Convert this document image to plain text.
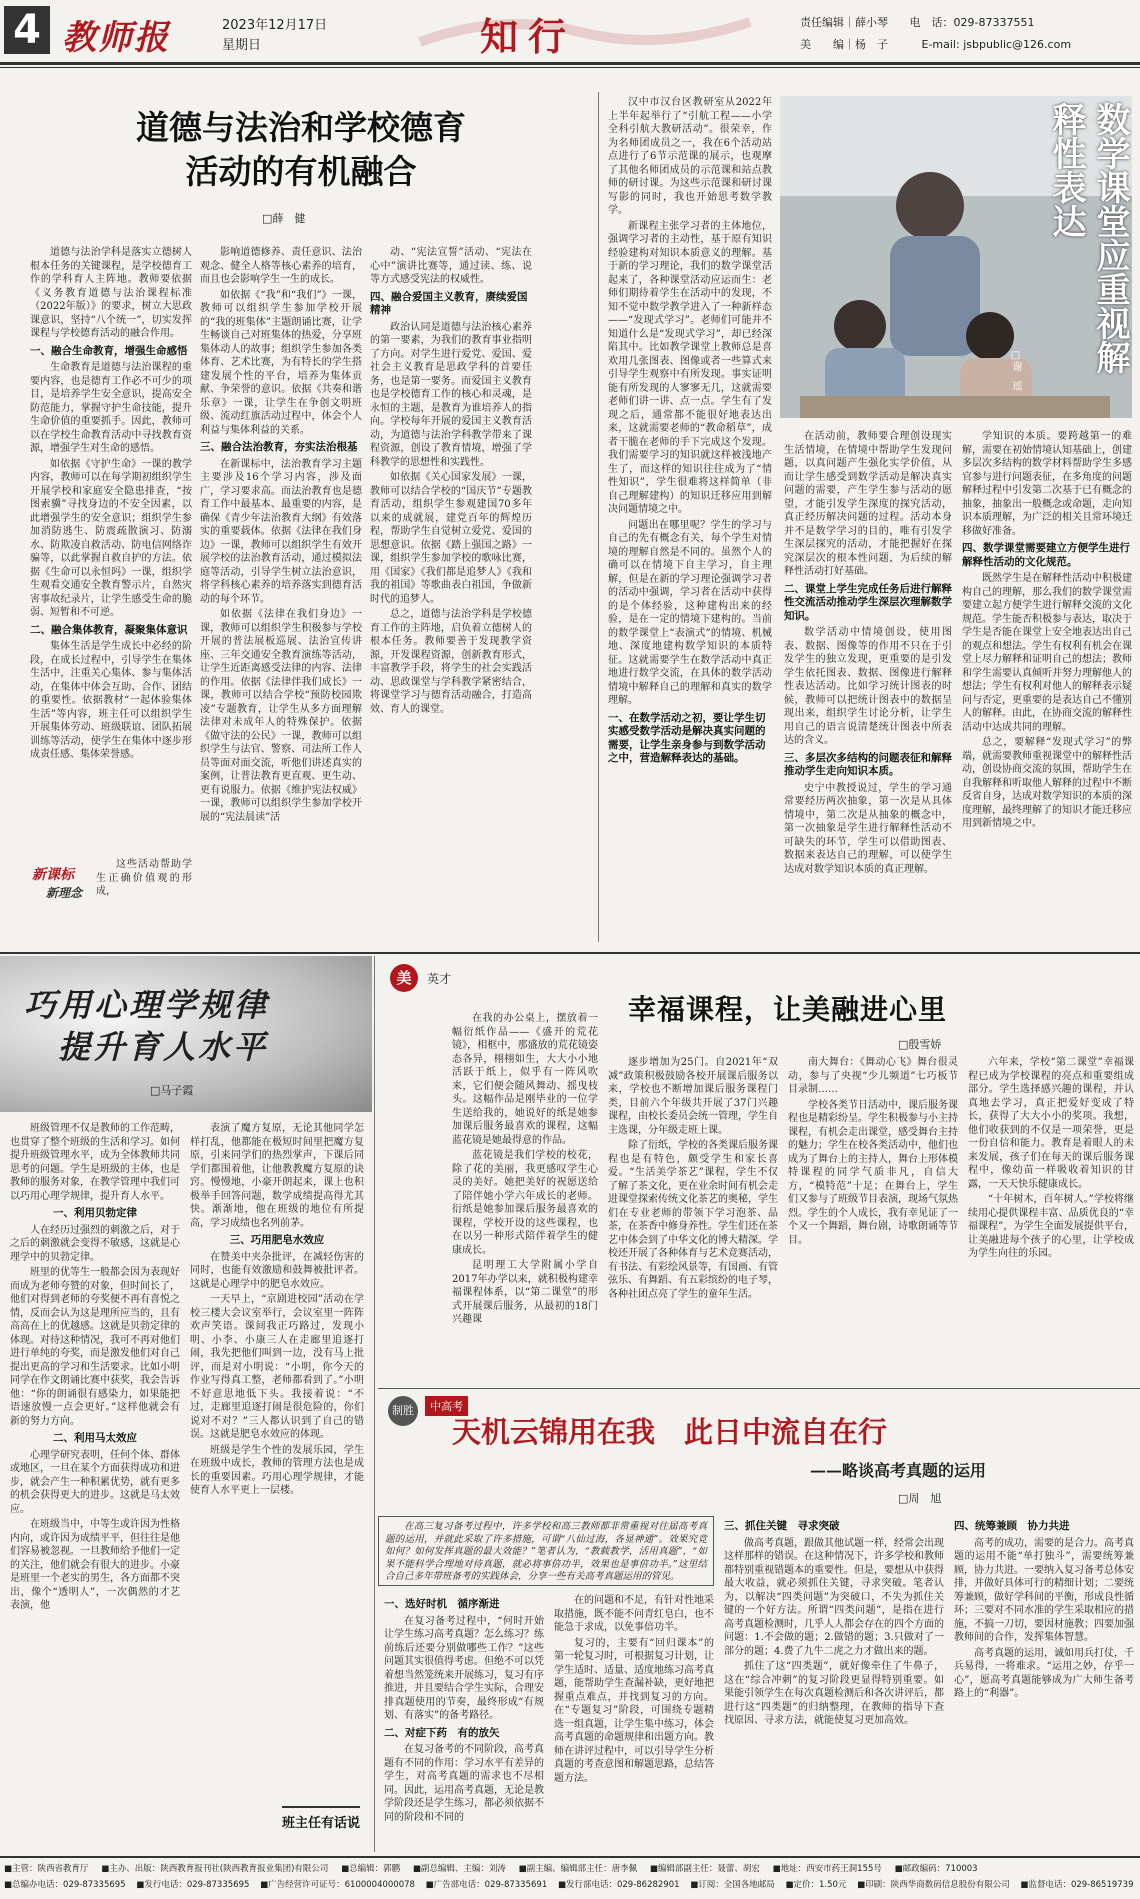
4 教师报	2023年12月17日
星期日	知行	责任编辑｜薛小琴 电　话：029-87337551
美　　编｜杨　子	E-mail: jsbpublic@126.com
道德与法治和学校德育
活动的有机融合
□薛　健

道德与法治学科是落实立德树人根本任务的关键课程，是学校德育工作的学科育人主阵地。教师要依据《义务教育道德与法治课程标准（2022年版）》的要求，树立大思政课意识，坚持“八个统一”，切实发挥课程与学校德育活动的融合作用。

一、融合生命教育，增强生命感悟

生命教育是道德与法治课程的重要内容，也是德育工作必不可少的项目，是培养学生安全意识，提高安全防范能力，掌握守护生命技能，提升生命价值的重要抓手。因此，教师可以在学校生命教育活动中寻找教育资源，增强学生对生命的感悟。

如依据《守护生命》一课的教学内容，教师可以在每学期初组织学生开展学校和家庭安全隐患排查，“按图索骥”寻找身边的不安全因素，以此增强学生的安全意识；组织学生参加消防逃生、防震疏散演习、防溺水、防欺凌自救活动、防电信网络诈骗等，以此掌握自救自护的方法。依据《生命可以永恒吗》一课，组织学生观看交通安全教育警示片，自然灾害事故纪录片，让学生感受生命的脆弱、短暂和不可逆。

二、融合集体教育，凝聚集体意识

集体生活是学生成长中必经的阶段，在成长过程中，引导学生在集体生活中，注重关心集体、参与集体活动，在集体中体会互助、合作、团结的重要性。依据教材“一起体验集体生活”等内容，班主任可以组织学生开展集体劳动、班级联谊、团队拓展训练等活动，使学生在集体中逐步形成责任感、集体荣誉感。

这些活动帮助学生正确价值观的形成，

新课标
新理念

影响道德修养、责任意识、法治观念、健全人格等核心素养的培育，而且也会影响学生一生的成长。

如依据《“我”和“我们”》一课，教师可以组织学生参加学校开展的“我的班集体”主题朗诵比赛，让学生畅谈自己对班集体的热爱，分享班集体动人的故事；组织学生参加各类体育、艺术比赛，为有特长的学生搭建发展个性的平台，培养为集体贡献、争荣誉的意识。依据《共奏和谐乐章》一课，让学生在争创文明班级、流动红旗活动过程中，体会个人利益与集体利益的关系。

三、融合法治教育，夯实法治根基

在新课标中，法治教育学习主题主要涉及16个学习内容，涉及面广，学习要求高。而法治教育也是德育工作中最基本、最重要的内容，是确保《青少年法治教育大纲》有效落实的重要载体。依据《法律在我们身边》一课，教师可以组织学生有效开展学校的法治教育活动，通过模拟法庭等活动，引导学生树立法治意识，将学科核心素养的培养落实到德育活动的每个环节。

如依据《法律在我们身边》一课，教师可以组织学生积极参与学校开展的普法展板巡展、法治宣传讲座、三年交通安全教育演练等活动，让学生近距离感受法律的内容、法律的作用。依据《法律伴我们成长》一课，教师可以结合学校“预防校园欺凌”专题教育，让学生从多方面理解法律对未成年人的特殊保护。依据《做守法的公民》一课，教师可以组织学生与法官、警察、司法所工作人员等面对面交流，听他们讲述真实的案例，让普法教育更直观、更生动、更有说服力。依据《维护宪法权威》一课，教师可以组织学生参加学校开展的“宪法晨读”活

动、“宪法宣誓”活动、“宪法在心中”演讲比赛等，通过读、练、说等方式感受宪法的权威性。

四、融合爱国主义教育，赓续爱国精神

政治认同是道德与法治核心素养的第一要素，为我们的教育事业指明了方向。对学生进行爱党、爱国、爱社会主义教育是思政学科的首要任务，也是第一要务。而爱国主义教育也是学校德育工作的核心和灵魂，是永恒的主题，是教育为谁培养人的指向。学校每年开展的爱国主义教育活动，为道德与法治学科教学带来了课程资源，创设了教育情境，增强了学科教学的思想性和实践性。

如依据《关心国家发展》一课，教师可以结合学校的“国庆节”专题教育活动，组织学生参观建国70多年以来的成就展，建党百年的辉煌历程，帮助学生自觉树立爱党、爱国的思想意识。依据《踏上强国之路》一课，组织学生参加学校的歌咏比赛，用《国家》《我们都是追梦人》《我和我的祖国》等歌曲表白祖国，争做新时代的追梦人。

总之，道德与法治学科是学校德育工作的主阵地，启负着立德树人的根本任务。教师要善于发现教学资源，开发课程资源，创新教育形式，丰富教学手段，将学生的社会实践活动、思政课堂与学科教学紧密结合，将课堂学习与德育活动融合，打造高效、育人的课堂。

汉中市汉台区教研室从2022年上半年起举行了“引航工程——小学全科引航大教研活动”。很荣幸，作为名师团成员之一，我在6个活动站点进行了6节示范课的展示，也观摩了其他名师团成员的示范课和站点教师的研讨课。为这些示范课和研讨课写影的同时，我也开始思考数学教学。

新课程主张学习者的主体地位，强调学习者的主动性，基于原有知识经验建构对知识本质意义的理解。基于新的学习理论，我们的数学课堂活起来了，各种课堂活动应运而生：老师们期待着学生在活动中的发现，不知不觉中数学教学进入了一种新样态——“发现式学习”。老师们可能并不知道什么是“发现式学习”，却已经深陷其中。比如教学课堂上教师总是喜欢用几张图表、图像或者一些算式来引导学生观察中有所发现。事实证明能有所发现的人寥寥无几，这就需要老师们讲一讲、点一点。学生有了发现之后，通常都不能很好地表达出来，这就需要老师的“教命稻草”，成者干脆在老师的手下完成这个发现。我们需要学习的知识就这样被浅地产生了，而这样的知识往往成为了“情性知识”，学生很难将这样简单（非自己理解建构）的知识迁移应用到解决问题情境之中。

问题出在哪里呢？学生的学习与自己的先有概念有关，每个学生对情境的理解自然是不同的。虽然个人的确可以在情境下自主学习，自主理解，但是在新的学习理论强调学习者的活动中强调，学习者在活动中获得的是个体经验，这种建构出来的经验，是在一定的情境下建构的。当前的数学课堂上“表演式”的情境、机械地、深度地建构数学知识的本质特征。这就需要学生在数学活动中真正地进行数学交流，在具体的数学活动情境中解释自己的理解和真实的数学理解。

一、在数学活动之初，要让学生切实感受数学活动是解决真实问题的需要，让学生亲身参与到数学活动之中，营造解释表达的基础。

数学课堂应重视解释性表达
□谢　瑶

在活动前，教师要合理创设现实生活情境，在情境中帮助学生发现问题，以真问题产生强化实学价值，从而让学生感受到数学活动是解决真实问题的需要，产生学生参与活动的愿望，才能引发学生深度的探究活动，真正经历解决问题的过程。活动本身并不是数学学习的目的，唯有引发学生深层探究的活动，才能把握好在探究深层次的根本性问题，为后续的解释性活动打好基础。

二、课堂上学生完成任务后进行解释性交流活动推动学生深层次理解数学知识。

数学活动中情境创设，使用图表、数据、图像等的作用不只在于引发学生的独立发现，更重要的是引发学生依托图表、数据、图像进行解释性表达活动。比如学习统计图表的时候，教师可以把统计图表中的数据呈现出来，组织学生讨论分析，让学生用自己的语言说清楚统计图表中所表达的含义。

三、多层次多结构的问题表征和解释推动学生走向知识本质。

史宁中教授说过，学生的学习通常要经历两次抽象，第一次是从具体情境中，第二次是从抽象的概念中，第一次抽象是学生进行解释性活动不可缺失的环节，学生可以借助图表、数据来表达自己的理解，可以使学生达成对数学知识本质的真正理解。

学知识的本质。要跨越第一的难解，需要在初始情境认知基础上，创建多层次多结构的数学材料帮助学生多感官参与进行问题表征，在多角度的问题解释过程中引发第二次基于已有概念的抽象，抽象出一般概念或命题，走向知识本质理解，为广泛的相关且常环境迁移做好准备。

四、数学课堂需要建立方便学生进行解释性活动的文化规范。

既然学生是在解释性活动中积极建构自己的理解，那么我们的数学课堂需要建立起方便学生进行解释交流的文化规范。学生能否积极参与表达，取决于学生是否能在课堂上安全地表达出自己的观点和想法。学生有权利有机会在课堂上尽力解释和证明自己的想法；教师和学生需要认真倾听并努力理解他人的想法；学生有权利对他人的解释表示疑问与否定，更重要的是表达自己不懂别人的解释。由此，在协商交流的解释性活动中达成共同的理解。

总之，要解释“发现式学习”的弊端，就需要教师重视课堂中的解释性活动，创设协商交流的氛围，帮助学生在自我解释和听取他人解释的过程中不断反省自身，达成对数学知识的本质的深度理解，最终理解了的知识才能迁移应用到新情境之中。

巧用心理学规律
提升育人水平
□马子霞

班级管理不仅是教师的工作范畴，也贯穿了整个班级的生活和学习。如何提升班级管理水平，成为全体教师共同思考的问题。学生是班级的主体，也是教师的服务对象，在教学管理中我们可以巧用心理学规律，提升育人水平。

一、利用贝勃定律

人在经历过强烈的刺激之后，对于之后的刺激就会变得不敏感，这就是心理学中的贝勃定律。

班里的优等生一般都会因为表现好而成为老师夸赞的对象，但时间长了，他们对得到老师的夸奖便不再有喜悦之情，反而会认为这是理所应当的，且有高高在上的优越感。这就是贝勃定律的体现。对待这种情况，我可不再对他们进行单纯的夸奖，而是激发他们对自己提出更高的学习和生活要求。比如小明同学在作文朗诵比赛中获奖，我会告诉他：“你的朗诵很有感染力，如果能把语速放慢一点会更好。”这样他就会有新的努力方向。

二、利用马太效应

心理学研究表明，任何个体、群体或地区，一旦在某个方面获得成功和进步，就会产生一种积累优势，就有更多的机会获得更大的进步。这就是马太效应。

在班级当中，中等生或许因为性格内向，或许因为成绩平平，但往往是他们容易被忽视。一旦教师给予他们一定的关注，他们就会有很大的进步。小豪是班里一个老实的男生，各方面都不突出，像个“透明人”，一次偶然的才艺表演，他

表演了魔方复原，无论其他同学怎样打乱，他都能在极短时间里把魔方复原，引来同学们的热烈掌声，下课后同学们都围着他，让他教教魔方复原的诀窍。慢慢地，小豪开朗起来，课上也积极举手回答问题，数学成绩提高得尤其快。渐渐地，他在班级的地位有所提高，学习成绩也名列前茅。

三、巧用肥皂水效应

在赞美中夹杂批评，在减轻伤害的同时，也能有效激励和鼓舞被批评者。这就是心理学中的肥皂水效应。

一天早上，“京剧进校园”活动在学校三楼大会议室举行，会议室里一阵阵欢声笑语。课间我正巧路过，发现小明、小李、小康三人在走廊里追逐打闹，我先把他们叫到一边，没有马上批评，而是对小明说：“小明，你今天的作业写得真工整，老师都看到了。”小明不好意思地低下头。我接着说：“不过，走廊里追逐打闹是很危险的，你们说对不对？”三人都认识到了自己的错误。这就是肥皂水效应的体现。

班级是学生个性的发展乐园，学生在班级中成长，教师的管理方法也是成长的重要因素。巧用心理学规律，才能使育人水平更上一层楼。

班主任有话说
美 英才
幸福课程，让美融进心里
□殷雪娇

在我的办公桌上，摆放着一幅衍纸作品——《盛开的荒花镜》，相框中，那盛放的荒花镜姿态各异，栩栩如生，大大小小地活跃于纸上，似乎有一阵风吹来，它们便会随风舞动、摇曳枝头。这幅作品是刚毕业的一位学生送给我的，她说好的纸是她参加课后服务最喜欢的课程，这幅蓝花镜是她最得意的作品。

蓝花镜是我们学校的校花，除了花的美丽，我更感叹学生心灵的美好。她把美好的祝愿送给了陪伴她小学六年成长的老师。衍纸是她参加课后服务最喜欢的课程，学校开设的这些课程，也在以另一种形式陪伴着学生的健康成长。

昆明理工大学附属小学自2017年办学以来，就积极构建幸福课程体系，以“第二课堂”的形式开展课后服务，从最初的18门兴趣课

逐步增加为25门。自2021年“双减”政策积极鼓励各校开展课后服务以来，学校也不断增加课后服务课程门类，目前六个年级共开展了37门兴趣课程，由校长委员会统一管理，学生自主选课，分年级走班上课。

除了衍纸，学校的各类课后服务课程也是有特色，颇受学生和家长喜爱。“生活美学茶艺”课程，学生不仅了解了茶文化，更在业余时间有机会走进课堂探索传统文化茶艺的奥秘，学生们在专业老师的带领下学习泡茶、品茶，在茶香中修身养性。学生们还在茶艺中体会到了中华文化的博大精深。学校还开展了各种体育与艺术竞赛活动，有书法、有彩绘风景等，有国画、有管弦乐、有舞蹈、有五彩缤纷的电子琴，各种社团点亮了学生的童年生活。

南大舞台：《舞动心飞》舞台很灵动，参与了央视“少儿频道”七巧板节目录制……

学校各类节日活动中，课后服务课程也是精彩纷呈。学生积极参与小主持课程，有机会走出课堂，感受舞台主持的魅力；学生在校各类活动中，他们也成为了舞台上的主持人，舞台上形体模特课程的同学气质非凡，自信大方，“模特范”十足；在舞台上，学生们又参与了班级节目表演，现场气氛热烈。学生的个人成长，我有幸见证了一个又一个舞蹈，舞台剧，诗歌朗诵等节目。

六年来，学校“第二课堂”幸福课程已成为学校课程的亮点和重要组成部分。学生选择感兴趣的课程，并认真地去学习，真正把爱好变成了特长，获得了大大小小的奖项。我想，他们收获到的不仅是一项荣誉，更是一份自信和能力。教育是着眼人的未来发展，孩子们在每天的课后服务课程中，像幼苗一样吸收着知识的甘露，一天天快乐健康成长。

“十年树木，百年树人。”学校将继续用心提供课程丰富、品质优良的“幸福课程”，为学生全面发展提供平台，让美融进每个孩子的心里，让学校成为学生向往的乐园。

制胜 中高考
天机云锦用在我　此日中流自在行
——略谈高考真题的运用
□周　旭

在高三复习备考过程中，许多学校和高三教师都非常重视对往届高考真题的运用，并就此采取了许多措施，可谓“八仙过海，各显神通”。效果究竟如何？如何发挥真题的最大效能？”笔者认为，“教载教学，活用真题”，“如果不能科学合理地对待真题，就必将事倍功半，效果也是事倍功半。”这里结合自己多年带班备考的实践体会，分享一些有关高考真题运用的管见。

一、选好时机　循序渐进

在复习备考过程中，“何时开始让学生练习高考真题？怎么练习？练前练后还要分别做哪些工作？”这些问题其实很值得考虑。但绝不可以凭着想当然笼统来开展练习，复习有序推进，并且要结合学生实际，合理安排真题使用的节奏，最终形成“有规划、有落实”的备考路径。

二、对症下药　有的放矢

在复习备考的不同阶段，高考真题有不同的作用：学习水平有差异的学生，对高考真题的需求也不尽相同。因此，运用高考真题，无论是教学阶段还是学生练习，都必须依据不同的阶段和不同的

在的问题和不足，有针对性地采取措施，既不能不问青红皂白，也不能急于求成，以免事倍功半。

复习的，主要有“回归课本”的第一轮复习时，可根据复习计划，让学生适时、适量、适度地练习高考真题，能帮助学生查漏补缺，更好地把握重点难点，并找到复习的方向。在“专题复习”阶段，可围绕专题精选一组真题，让学生集中练习，体会高考真题的命题规律和出题方向。教师在讲评过程中，可以引导学生分析真题的考查意图和解题思路，总结答题方法。

三、抓住关键　寻求突破

做高考真题，跟做其他试题一样，经常会出现这样那样的错误。在这种情况下，许多学校和教师都特别重视错题本的重要性。但是，要想从中获得最大收益，就必须抓住关键，寻求突破。笔者认为，以解决“四类问题”为突破口，不失为抓住关键的一个好方法。所谓“四类问题”，是指在进行高考真题检测时，几乎人人都会存在的四个方面的问题：1.不会做的题；2.做错的题；3.只做对了一部分的题；4.费了九牛二虎之力才做出来的题。

抓住了这“四类题”，就好像牵住了牛鼻子，这在“综合冲刺”的复习阶段更显得特别重要。如果能引领学生在每次真题检测后和各次讲评后，都进行这“四类题”的归纳整理，在教师的指导下查找原因、寻求方法，就能使复习更加高效。

四、统筹兼顾　协力共进

高考的成功，需要的是合力。高考真题的运用不能“单打独斗”，需要统筹兼顾，协力共进。一要纳入复习备考总体安排，并做好具体可行的精细计划；二要统筹兼顾，做好学科间的平衡，形成良性循环；三要对不同水准的学生采取相应的措施，不搞一刀切，要因材施教；四要加强教师间的合作，发挥集体智慧。

高考真题的运用，诚如用兵打仗，千兵易得，一将难求。“运用之妙，存乎一心”，愿高考真题能够成为广大师生备考路上的“利器”。

■主管：陕西省教育厅 ■主办、出版：陕西教育报刊社(陕西教育报业集团)有限公司 ■总编辑：郭鹏 ■副总编辑、主编：刘涛 ■副主编、编辑部主任：唐李佩 ■编辑部副主任：聂蕾、胡宏 ■地址：西安市药王洞155号 ■邮政编码：710003
■总编办电话：029-87335695 ■发行电话：029-87335695 ■广告经营许可证号：6100004000078 ■广告部电话：029-87335691 ■发行部电话：029-86282901 ■订阅：全国各地邮局 ■定价：1.50元 ■印刷：陕西华商数码信息股份有限公司 ■监督电话：029-86519739
